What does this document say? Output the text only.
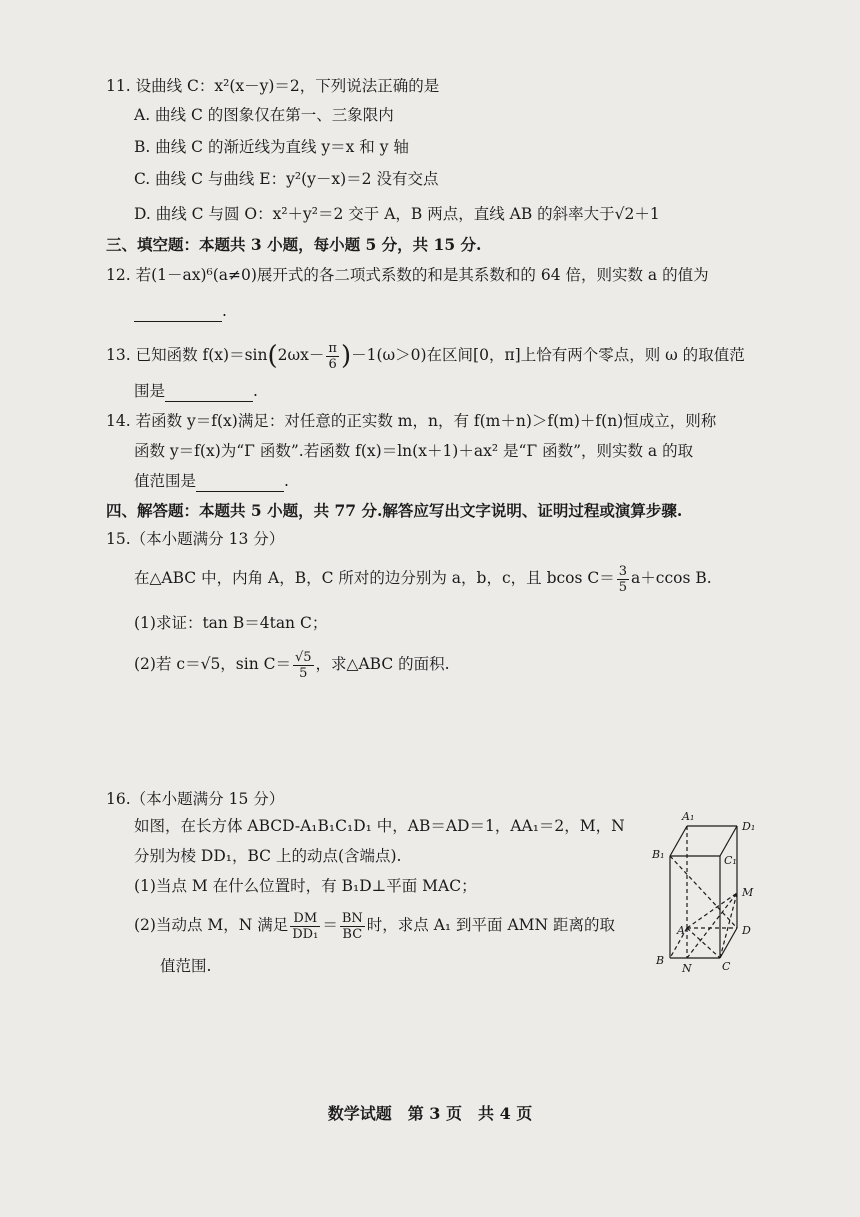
11. 设曲线 C：x²(x－y)＝2，下列说法正确的是
A. 曲线 C 的图象仅在第一、三象限内
B. 曲线 C 的渐近线为直线 y＝x 和 y 轴
C. 曲线 C 与曲线 E：y²(y－x)＝2 没有交点
D. 曲线 C 与圆 O：x²＋y²＝2 交于 A，B 两点，直线 AB 的斜率大于√2＋1
三、填空题：本题共 3 小题，每小题 5 分，共 15 分.
12. 若(1－ax)⁶(a≠0)展开式的各二项式系数的和是其系数和的 64 倍，则实数 a 的值为
.
13. 已知函数 $f(x)=\sin(2\omega x- \frac{\pi}{6} )-1(\omega>0)$在区间[0，π]上恰有两个零点，则 ω 的取值范
围是	.
14. 若函数 y＝f(x)满足：对任意的正实数 m，n，有 f(m＋n)＞f(m)＋f(n)恒成立，则称
函数 y＝f(x)为“Γ 函数”.若函数 f(x)＝ln(x＋1)＋ax² 是“Γ 函数”，则实数 a 的取
值范围是	.
四、解答题：本题共 5 小题，共 77 分.解答应写出文字说明、证明过程或演算步骤.
15.（本小题满分 13 分）
在△ABC 中，内角 A，B，C 所对的边分别为 a，b，c，且 bcos $C= \frac{3}{5} a+ccos$ B.
(1)求证：tan B＝4tan C；
(2)若 c＝√5，$\sin C= \frac{√5}{5}$ ，求△ABC 的面积.
16.（本小题满分 15 分）
如图，在长方体 ABCD-A₁B₁C₁D₁ 中，AB＝AD＝1，AA₁＝2，M，N
分别为棱 DD₁，BC 上的动点(含端点).
(1)当点 M 在什么位置时，有 B₁D⊥平面 MAC；
(2)当动点 M，N 满足 $\frac{DM}{\text{DD₁}} = \frac{BN}{BC}$ 时，求点 A₁ 到平面 AMN 距离的取
值范围.
A₁
D₁
B₁	C₁
M
A	D
B
N	C
数学试题　第 3 页　共 4 页
